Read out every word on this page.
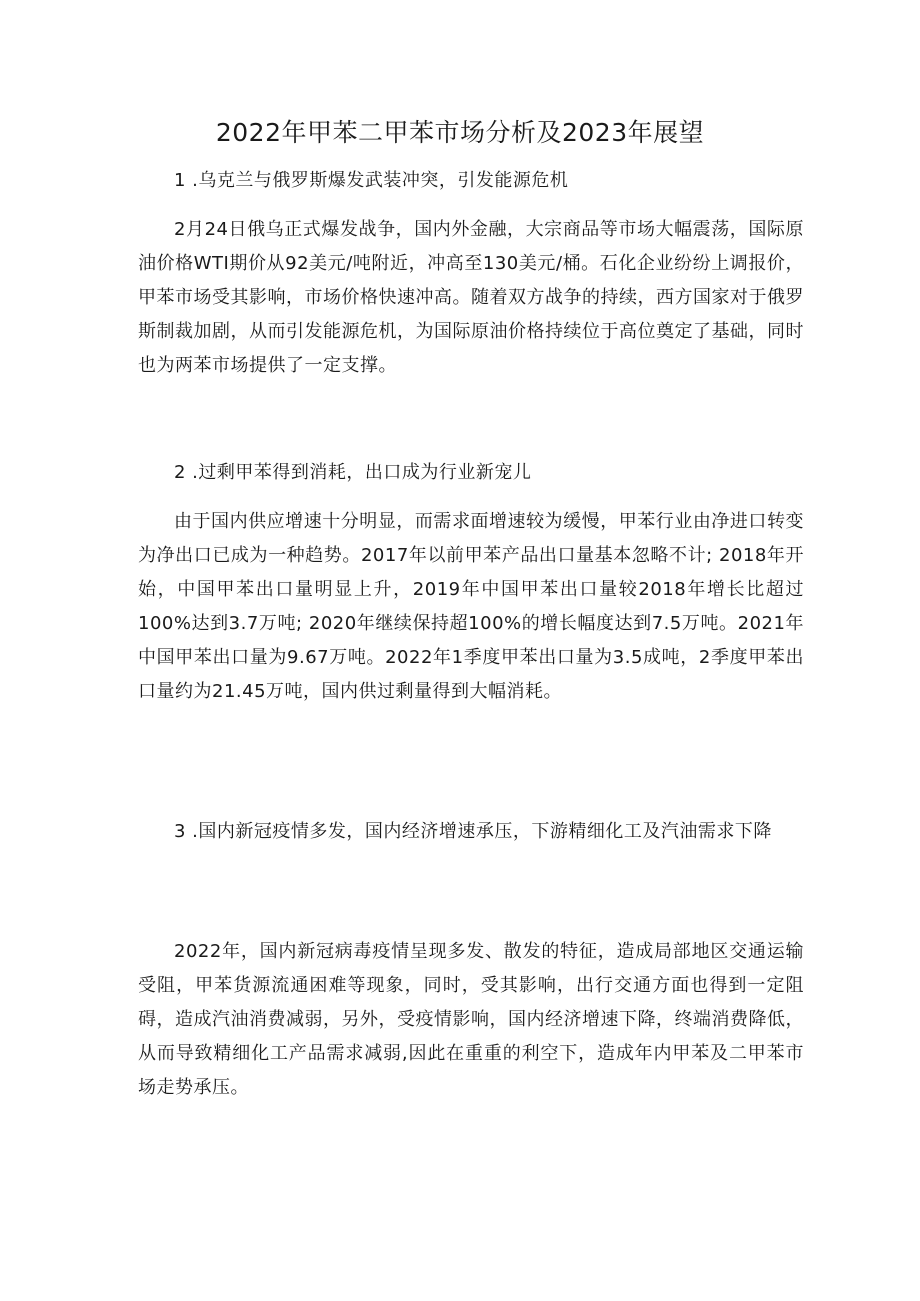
2022年甲苯二甲苯市场分析及2023年展望

1 .乌克兰与俄罗斯爆发武装冲突，引发能源危机

2月24日俄乌正式爆发战争，国内外金融，大宗商品等市场大幅震荡，国际原油价格WTI期价从92美元/吨附近，冲高至130美元/桶。石化企业纷纷上调报价，甲苯市场受其影响，市场价格快速冲高。随着双方战争的持续，西方国家对于俄罗斯制裁加剧，从而引发能源危机，为国际原油价格持续位于高位奠定了基础，同时也为两苯市场提供了一定支撑。

2 .过剩甲苯得到消耗，出口成为行业新宠儿

由于国内供应增速十分明显，而需求面增速较为缓慢，甲苯行业由净进口转变为净出口已成为一种趋势。2017年以前甲苯产品出口量基本忽略不计; 2018年开始，中国甲苯出口量明显上升，2019年中国甲苯出口量较2018年增长比超过100%达到3.7万吨; 2020年继续保持超100%的增长幅度达到7.5万吨。2021年中国甲苯出口量为9.67万吨。2022年1季度甲苯出口量为3.5成吨，2季度甲苯出口量约为21.45万吨，国内供过剩量得到大幅消耗。

3 .国内新冠疫情多发，国内经济增速承压，下游精细化工及汽油需求下降

2022年，国内新冠病毒疫情呈现多发、散发的特征，造成局部地区交通运输受阻，甲苯货源流通困难等现象，同时，受其影响，出行交通方面也得到一定阻碍，造成汽油消费减弱，另外，受疫情影响，国内经济增速下降，终端消费降低，从而导致精细化工产品需求减弱,因此在重重的利空下，造成年内甲苯及二甲苯市场走势承压。
